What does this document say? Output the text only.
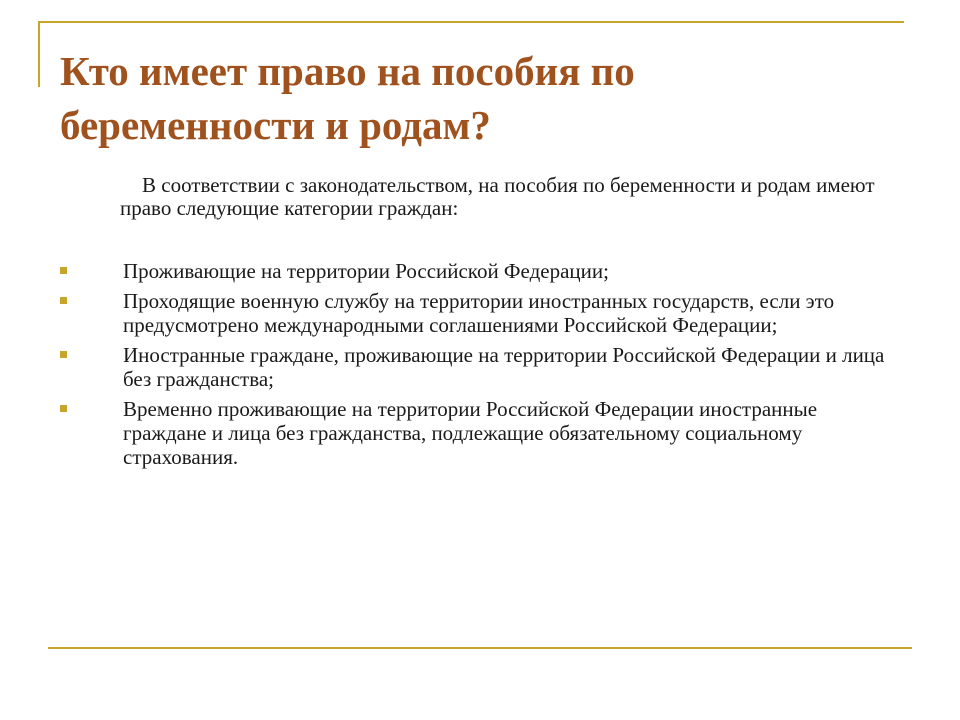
Кто имеет право на пособия по беременности и родам?

В соответствии с законодательством, на пособия по беременности и родам имеют право следующие категории граждан:

Проживающие на территории Российской Федерации;
Проходящие военную службу на территории иностранных государств, если это предусмотрено международными соглашениями Российской Федерации;
Иностранные граждане, проживающие на территории Российской Федерации и лица без гражданства;
Временно проживающие на территории Российской Федерации иностранные граждане и лица без гражданства, подлежащие обязательному социальному страхования.
